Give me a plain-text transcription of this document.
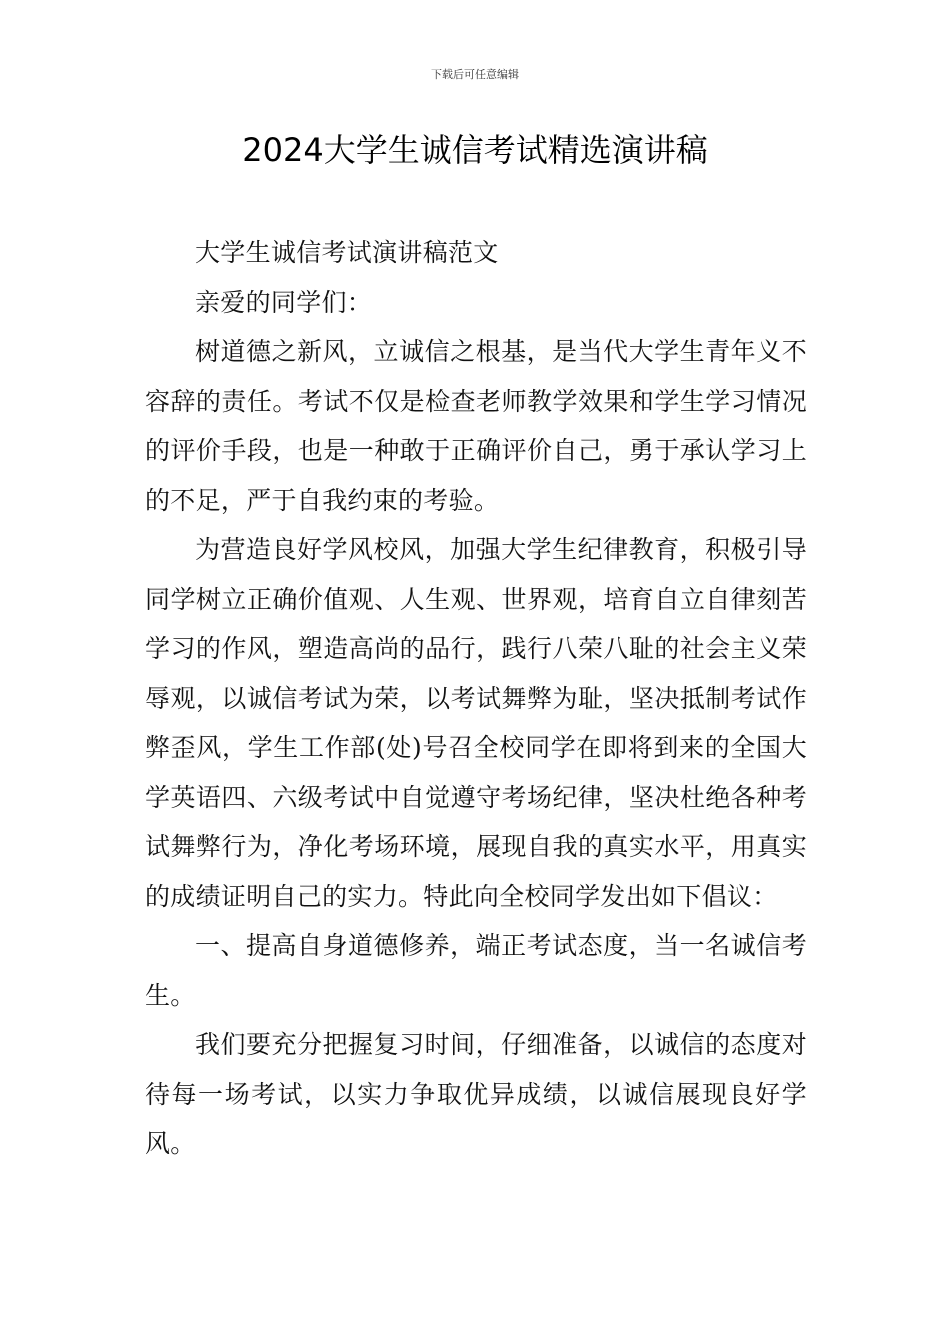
下载后可任意编辑
2024大学生诚信考试精选演讲稿

大学生诚信考试演讲稿范文

亲爱的同学们：

树道德之新风，立诚信之根基，是当代大学生青年义不容辞的责任。考试不仅是检查老师教学效果和学生学习情况的评价手段，也是一种敢于正确评价自己，勇于承认学习上的不足，严于自我约束的考验。

为营造良好学风校风，加强大学生纪律教育，积极引导同学树立正确价值观、人生观、世界观，培育自立自律刻苦学习的作风，塑造高尚的品行，践行八荣八耻的社会主义荣辱观，以诚信考试为荣，以考试舞弊为耻，坚决抵制考试作弊歪风，学生工作部(处)号召全校同学在即将到来的全国大学英语四、六级考试中自觉遵守考场纪律，坚决杜绝各种考试舞弊行为，净化考场环境，展现自我的真实水平，用真实的成绩证明自己的实力。特此向全校同学发出如下倡议：

一、提高自身道德修养，端正考试态度，当一名诚信考生。

我们要充分把握复习时间，仔细准备，以诚信的态度对待每一场考试，以实力争取优异成绩，以诚信展现良好学风。
